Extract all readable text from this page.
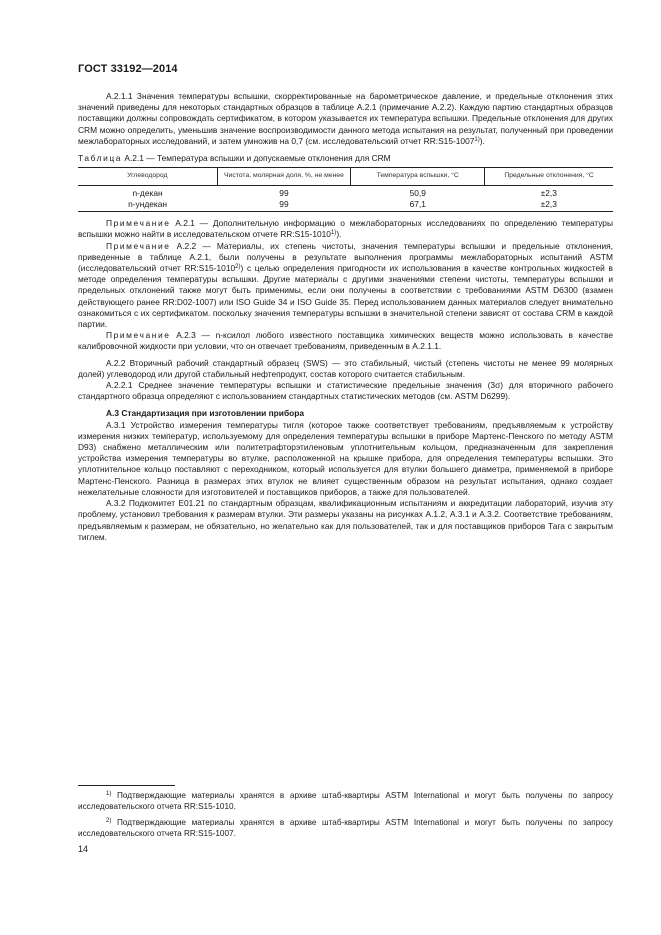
ГОСТ 33192—2014

А.2.1.1 Значения температуры вспышки, скорректированные на барометрическое давление, и предельные отклонения этих значений приведены для некоторых стандартных образцов в таблице А.2.1 (примечание А.2.2). Каждую партию стандартных образцов поставщики должны сопровождать сертификатом, в котором указывается их температура вспышки. Предельные отклонения для других CRM можно определить, уменьшив значение воспроизводимости данного метода испытания на результат, полученный при проведении межлабораторных исследований, и затем умножив на 0,7 (см. исследовательский отчет RR:S15-1007$^{1)}$).

Таблица А.2.1 — Температура вспышки и допускаемые отклонения для CRM

Углеводород	Чистота, молярная доля, %, не менее	Температура вспышки, °С	Предельные отклонения, °С
n-декан	99	50,9	±2,3
n-ундекан	99	67,1	±2,3

Примечание А.2.1 — Дополнительную информацию о межлабораторных исследованиях по определению температуры вспышки можно найти в исследовательском отчете RR:S15-1010$^{1)}$).

Примечание А.2.2 — Материалы, их степень чистоты, значения температуры вспышки и предельные отклонения, приведенные в таблице А.2.1, были получены в результате выполнения программы межлабораторных испытаний ASTM (исследовательский отчет RR:S15-1010$^{2)}$) с целью определения пригодности их использования в качестве контрольных жидкостей в методе определения температуры вспышки. Другие материалы с другими значениями степени чистоты, температуры вспышки и предельных отклонений также могут быть применимы, если они получены в соответствии с требованиями ASTM D6300 (взамен действующего ранее RR:D02-1007) или ISO Guide 34 и ISO Guide 35. Перед использованием данных материалов следует внимательно ознакомиться с их сертификатом. поскольку значения температуры вспышки в значительной степени зависят от состава CRM в каждой партии.

Примечание А.2.3 — n-ксилол любого известного поставщика химических веществ можно использовать в качестве калибровочной жидкости при условии, что он отвечает требованиям, приведенным в А.2.1.1.

А.2.2 Вторичный рабочий стандартный образец (SWS) — это стабильный, чистый (степень чистоты не менее 99 молярных долей) углеводород или другой стабильный нефтепродукт, состав которого считается стабильным.

А.2.2.1 Среднее значение температуры вспышки и статистические предельные значения (3σ) для вторичного рабочего стандартного образца определяют с использованием стандартных статистических методов (см. ASTM D6299).

А.3 Стандартизация при изготовлении прибора

А.3.1 Устройство измерения температуры тигля (которое также соответствует требованиям, предъявляемым к устройству измерения низких температур, используемому для определения температуры вспышки в приборе Мартенс-Пенского по методу ASTM D93) снабжено металлическим или политетрафторэтиленовым уплотнительным кольцом, предназначенным для закрепления устройства измерения температуры во втулке, расположенной на крышке прибора, для определения температуры вспышки. Это уплотнительное кольцо поставляют с переходником, который используется для втулки большего диаметра, применяемой в приборе Мартенс-Пенского. Разница в размерах этих втулок не влияет существенным образом на результат испытания, однако создает нежелательные сложности для изготовителей и поставщиков приборов, а также для пользователей.

А.3.2 Подкомитет Е01.21 по стандартным образцам, квалификационным испытаниям и аккредитации лабораторий, изучив эту проблему, установил требования к размерам втулки. Эти размеры указаны на рисунках А.1.2, А.3.1 и А.3.2. Соответствие требованиям, предъявляемым к размерам, не обязательно, но желательно как для пользователей, так и для поставщиков приборов Тага с закрытым тиглем.

$^{1)}$ Подтверждающие материалы хранятся в архиве штаб-квартиры ASTM International и могут быть получены по запросу исследовательского отчета RR:S15-1010.

$^{2)}$ Подтверждающие материалы хранятся в архиве штаб-квартиры ASTM International и могут быть получены по запросу исследовательского отчета RR:S15-1007.

14
